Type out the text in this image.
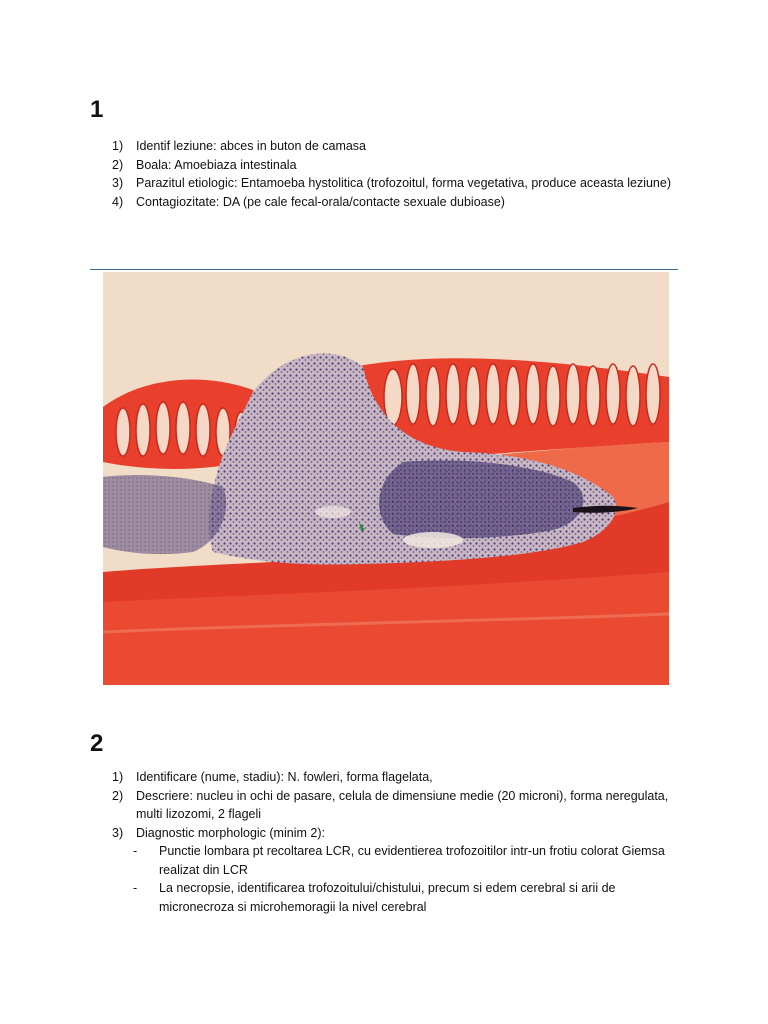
1
1)	Identif leziune: abces in buton de camasa
2)	Boala: Amoebiaza intestinala
3)	Parazitul etiologic: Entamoeba hystolitica (trofozoitul, forma vegetativa, produce aceasta leziune)
4)	Contagiozitate: DA (pe cale fecal-orala/contacte sexuale dubioase)
2
1)	Identificare (nume, stadiu): N. fowleri, forma flagelata,
2)	Descriere: nucleu in ochi de pasare, celula de dimensiune medie (20 microni), forma neregulata, multi lizozomi, 2 flageli
3)	Diagnostic morphologic (minim 2):
-	Punctie lombara pt recoltarea LCR, cu evidentierea trofozoitilor intr-un frotiu colorat Giemsa realizat din LCR
-	La necropsie, identificarea trofozoitului/chistului, precum si edem cerebral si arii de micronecroza si microhemoragii la nivel cerebral
